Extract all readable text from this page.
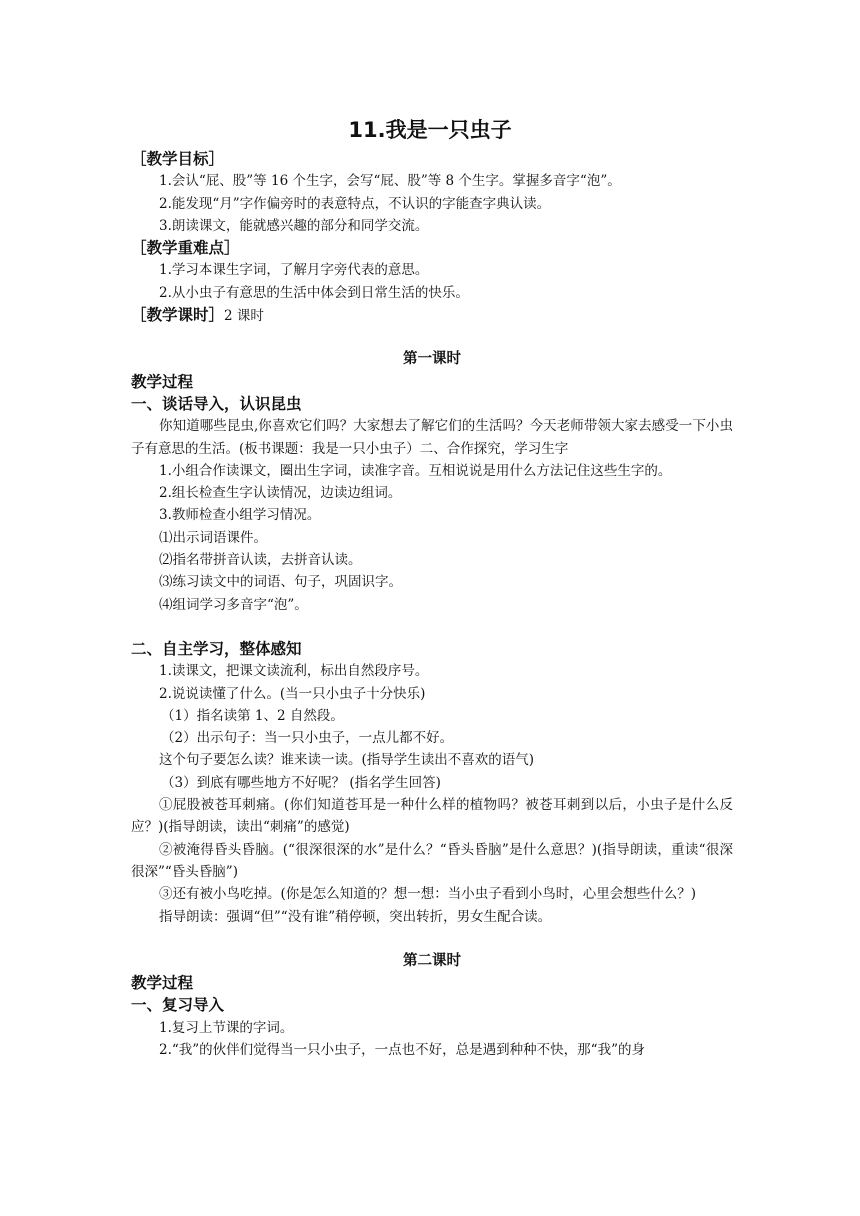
11.我是一只虫子
［教学目标］
1.会认“屁、股”等 16 个生字，会写“屁、股”等 8 个生字。掌握多音字“泡”。
2.能发现“月”字作偏旁时的表意特点，不认识的字能查字典认读。
3.朗读课文，能就感兴趣的部分和同学交流。
［教学重难点］
1.学习本课生字词，了解月字旁代表的意思。
2.从小虫子有意思的生活中体会到日常生活的快乐。
［教学课时］2 课时
第一课时
教学过程
一、谈话导入，认识昆虫
你知道哪些昆虫,你喜欢它们吗？大家想去了解它们的生活吗？今天老师带领大家去感受一下小虫子有意思的生活。(板书课题：我是一只小虫子）二、合作探究，学习生字
1.小组合作读课文，圈出生字词，读准字音。互相说说是用什么方法记住这些生字的。
2.组长检查生字认读情况，边读边组词。
3.教师检查小组学习情况。
⑴出示词语课件。
⑵指名带拼音认读，去拼音认读。
⑶练习读文中的词语、句子，巩固识字。
⑷组词学习多音字“泡”。
二、自主学习，整体感知
1.读课文，把课文读流利，标出自然段序号。
2.说说读懂了什么。(当一只小虫子十分快乐)
（1）指名读第 1、2 自然段。
（2）出示句子：当一只小虫子，一点儿都不好。
这个句子要怎么读？谁来读一读。(指导学生读出不喜欢的语气)
（3）到底有哪些地方不好呢？ (指名学生回答)
①屁股被苍耳刺痛。(你们知道苍耳是一种什么样的植物吗？被苍耳刺到以后，小虫子是什么反应？)(指导朗读，读出“刺痛”的感觉)
②被淹得昏头昏脑。(“很深很深的水”是什么？“昏头昏脑”是什么意思？)(指导朗读，重读“很深很深”“昏头昏脑”)
③还有被小鸟吃掉。(你是怎么知道的？想一想：当小虫子看到小鸟时，心里会想些什么？)
指导朗读：强调“但”“没有谁”稍停顿，突出转折，男女生配合读。
第二课时
教学过程
一、复习导入
1.复习上节课的字词。
2.“我”的伙伴们觉得当一只小虫子，一点也不好，总是遇到种种不快，那“我”的身
